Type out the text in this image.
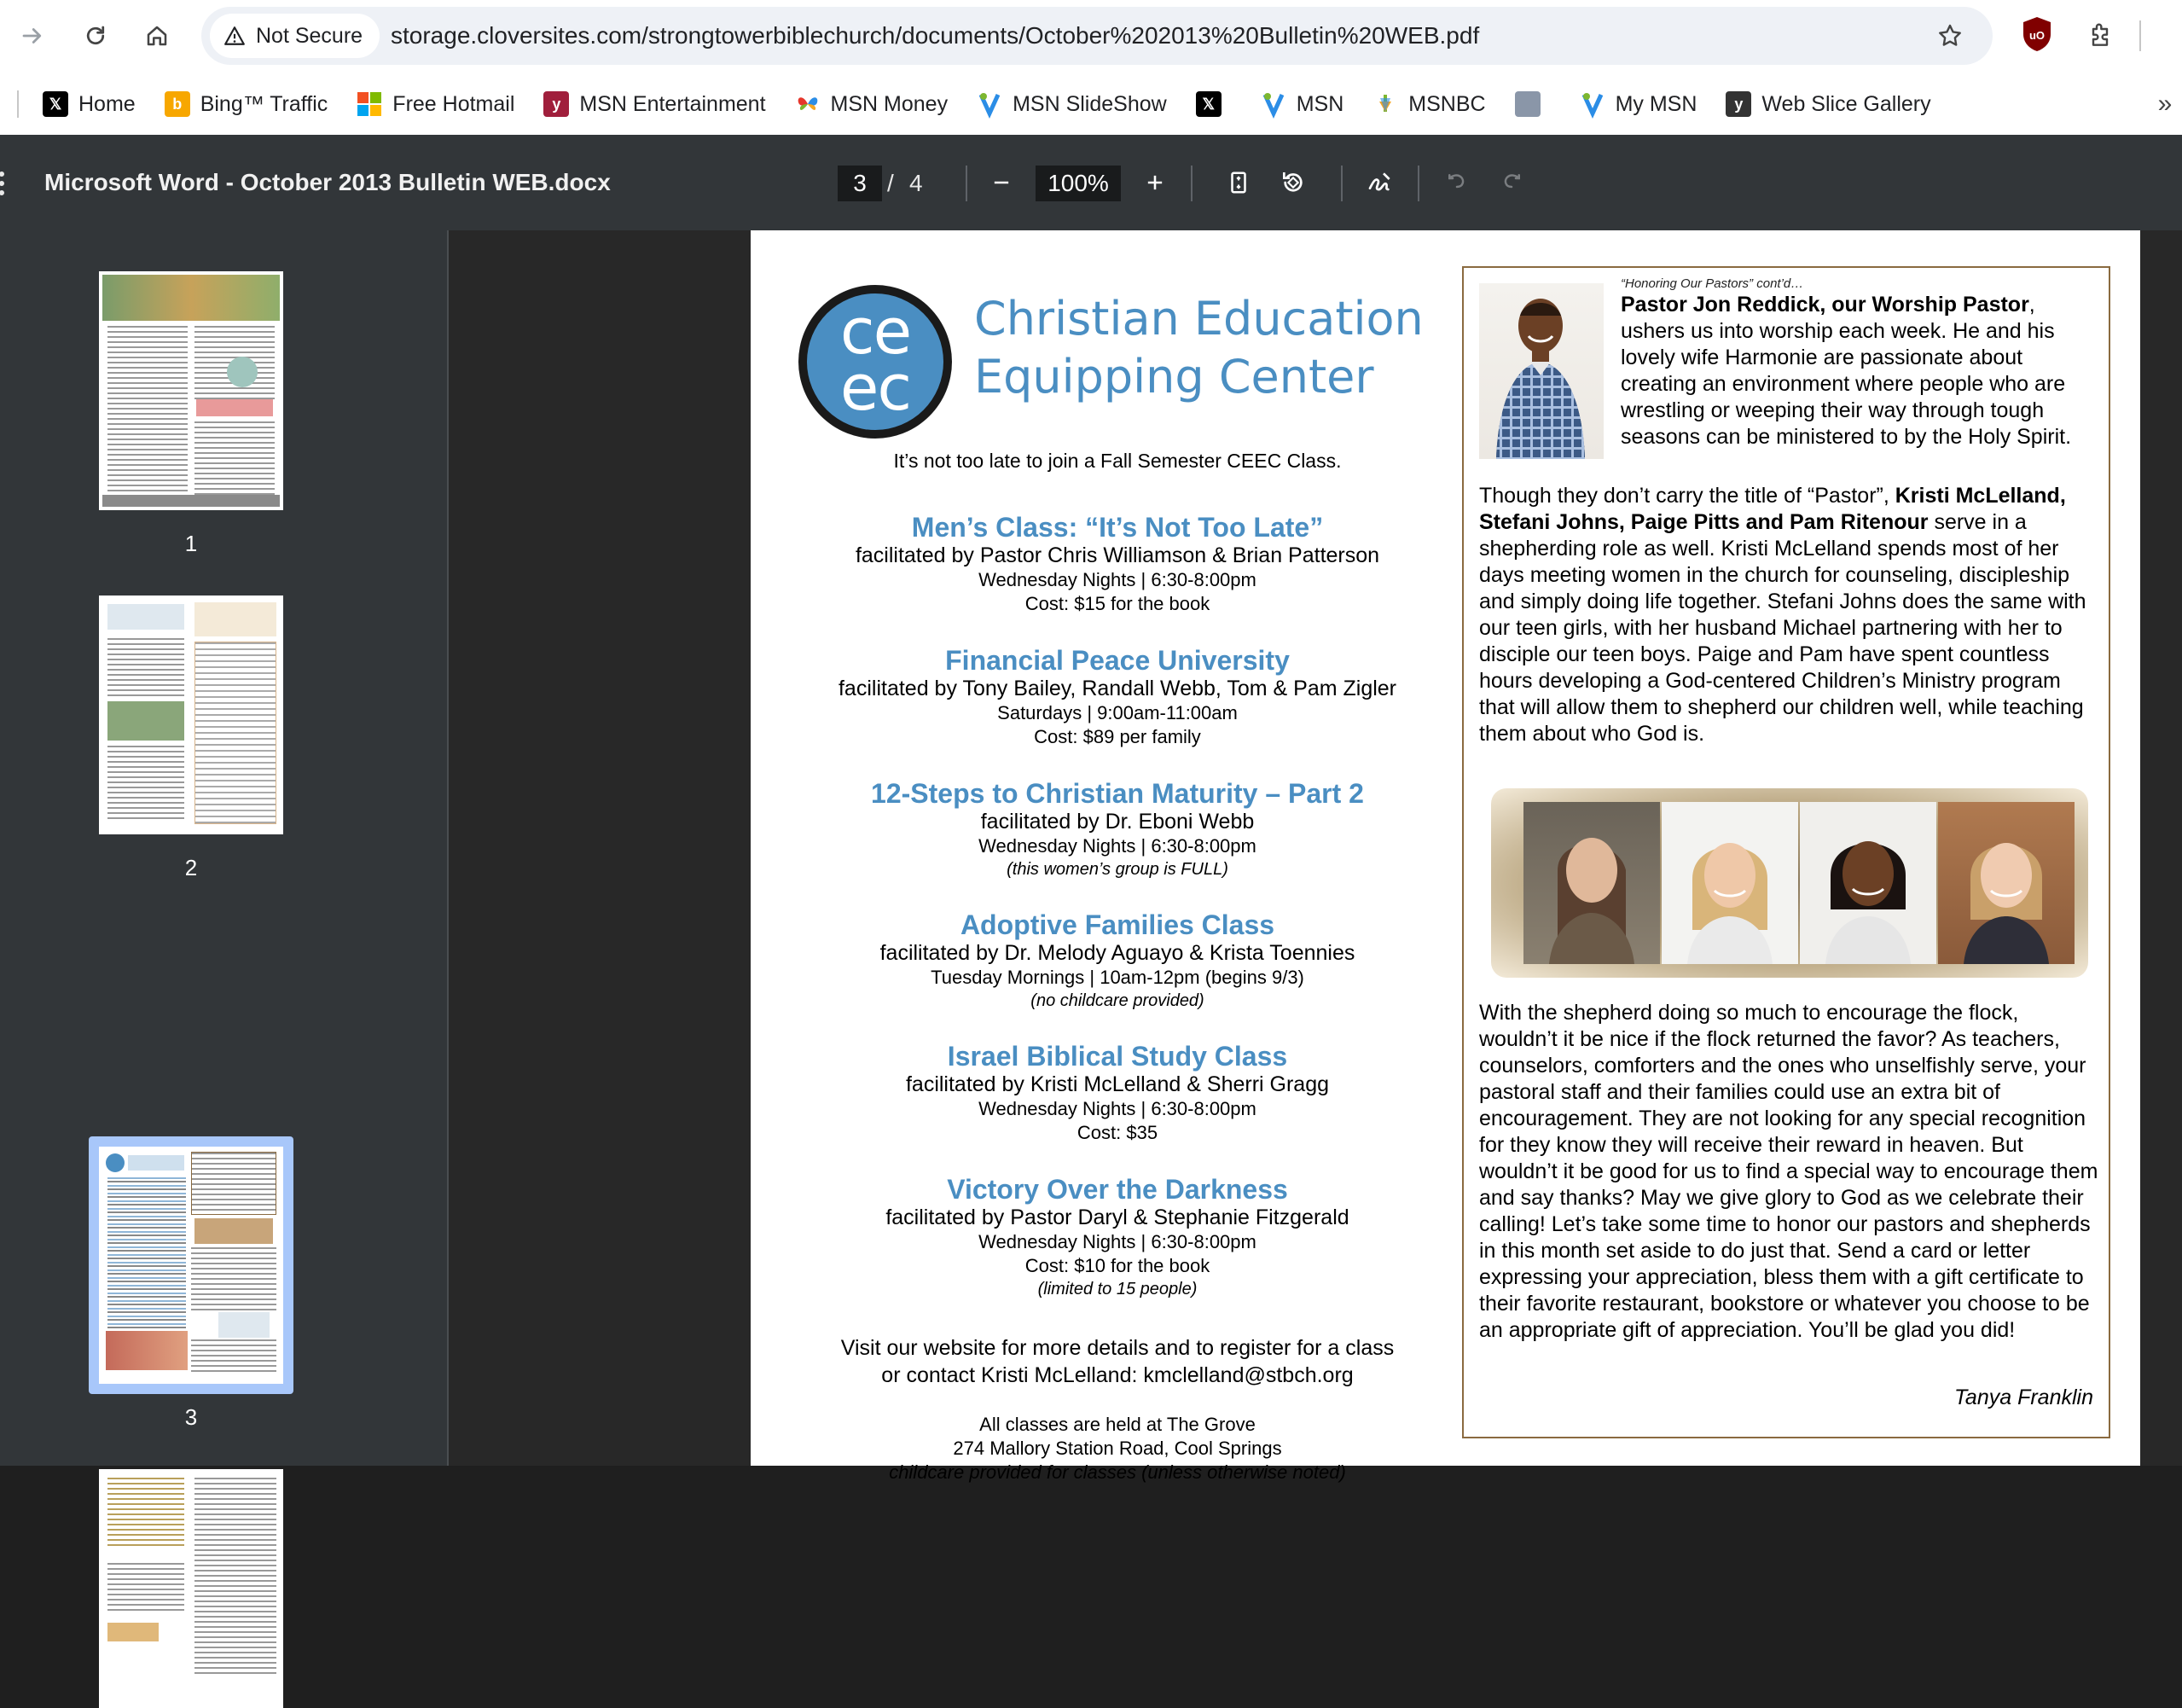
Not Secure storage.cloversites.com/strongtowerbiblechurch/documents/October%202013%20Bulletin%20WEB.pdf	uO
𝕏 Home	b Bing™ Traffic	Free Hotmail	y MSN Entertainment	MSN Money	MSN SlideShow	𝕏	MSN	MSNBC	My MSN	y Web Slice Gallery	»
Microsoft Word - October 2013 Bulletin WEB.docx	3 / 4	100%
1
2
3
ce
ec
Christian Education
Equipping Center
It’s not too late to join a Fall Semester CEEC Class.
Men’s Class: “It’s Not Too Late”
facilitated by Pastor Chris Williamson & Brian Patterson
Wednesday Nights | 6:30-8:00pm
Cost: $15 for the book
Financial Peace University
facilitated by Tony Bailey, Randall Webb, Tom & Pam Zigler
Saturdays | 9:00am-11:00am
Cost: $89 per family
12-Steps to Christian Maturity – Part 2
facilitated by Dr. Eboni Webb
Wednesday Nights | 6:30-8:00pm
(this women’s group is FULL)
Adoptive Families Class
facilitated by Dr. Melody Aguayo & Krista Toennies
Tuesday Mornings | 10am-12pm (begins 9/3)
(no childcare provided)
Israel Biblical Study Class
facilitated by Kristi McLelland & Sherri Gragg
Wednesday Nights | 6:30-8:00pm
Cost: $35
Victory Over the Darkness
facilitated by Pastor Daryl & Stephanie Fitzgerald
Wednesday Nights | 6:30-8:00pm
Cost: $10 for the book
(limited to 15 people)
Visit our website for more details and to register for a class
or contact Kristi McLelland: kmclelland@stbch.org
All classes are held at The Grove
274 Mallory Station Road, Cool Springs
childcare provided for classes (unless otherwise noted)
“Honoring Our Pastors” cont’d…
Pastor Jon Reddick, our Worship Pastor, ushers us into worship each week. He and his lovely wife Harmonie are passionate about creating an environment where people who are wrestling or weeping their way through tough seasons can be ministered to by the Holy Spirit.
Though they don’t carry the title of “Pastor”, Kristi McLelland, Stefani Johns, Paige Pitts and Pam Ritenour serve in a shepherding role as well. Kristi McLelland spends most of her days meeting women in the church for counseling, discipleship and simply doing life together. Stefani Johns does the same with our teen girls, with her husband Michael partnering with her to disciple our teen boys. Paige and Pam have spent countless hours developing a God-centered Children’s Ministry program that will allow them to shepherd our children well, while teaching them about who God is.
With the shepherd doing so much to encourage the flock, wouldn’t it be nice if the flock returned the favor? As teachers, counselors, comforters and the ones who unselfishly serve, your pastoral staff and their families could use an extra bit of encouragement. They are not looking for any special recognition for they know they will receive their reward in heaven. But wouldn’t it be good for us to find a special way to encourage them and say thanks? May we give glory to God as we celebrate their calling! Let’s take some time to honor our pastors and shepherds in this month set aside to do just that. Send a card or letter expressing your appreciation, bless them with a gift certificate to their favorite restaurant, bookstore or whatever you choose to be an appropriate gift of appreciation. You’ll be glad you did!
Tanya Franklin
